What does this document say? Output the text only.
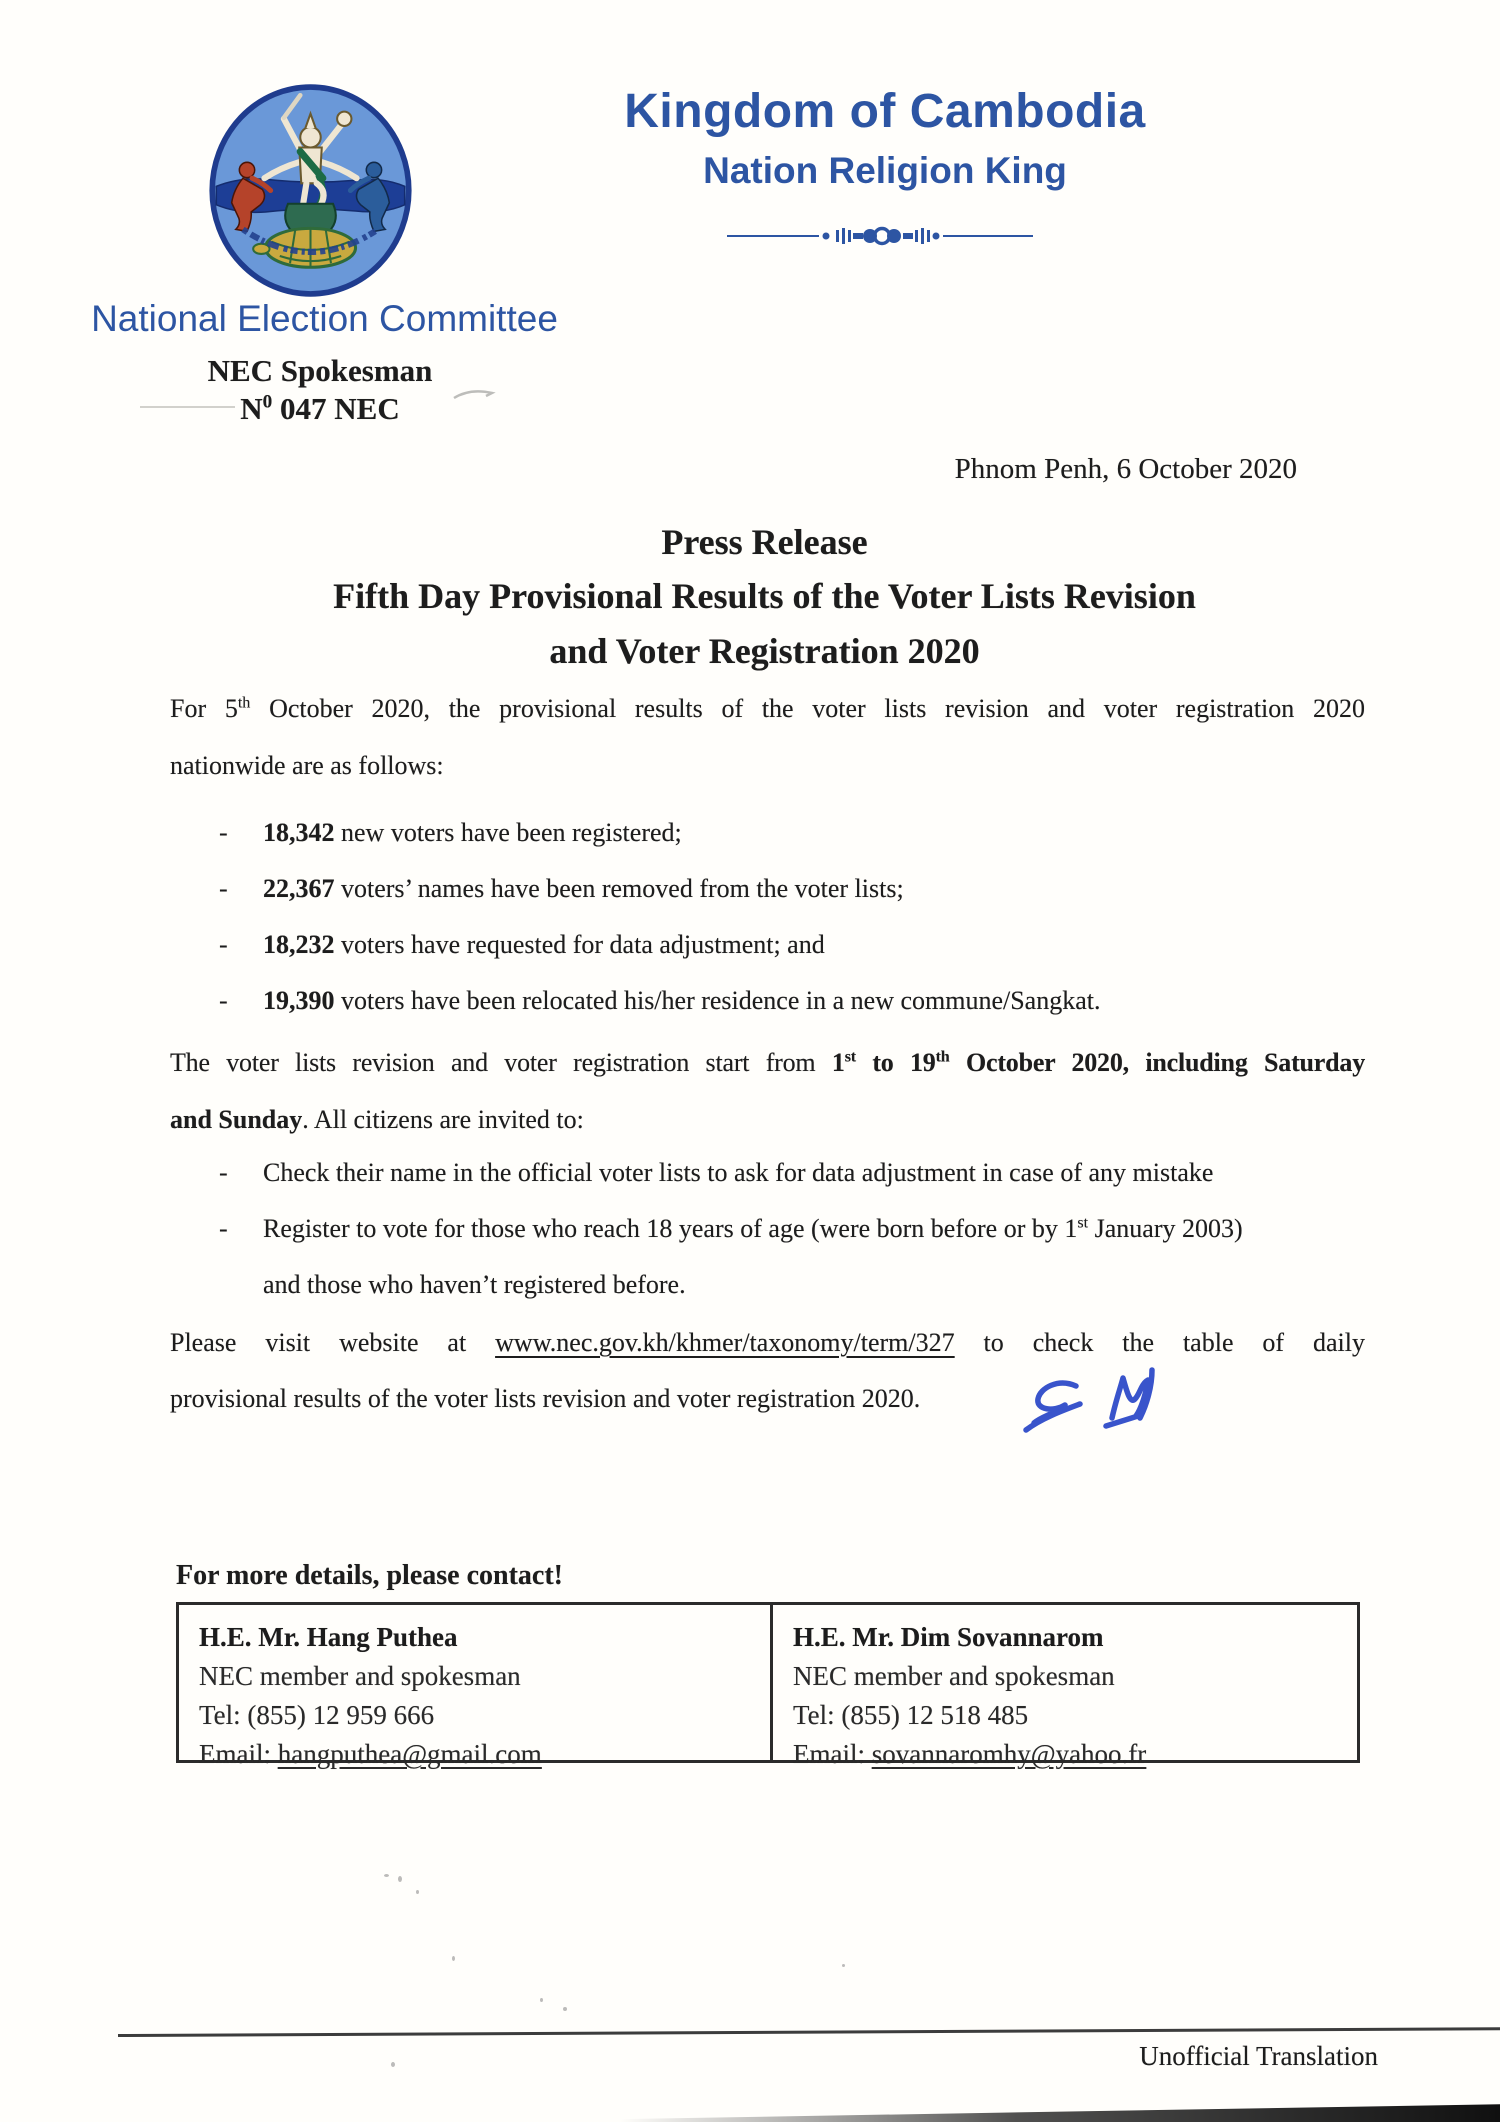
Kingdom of Cambodia
Nation Religion King
National Election Committee
NEC Spokesman
$N^0$ 047 NEC
Phnom Penh, 6 October 2020
Press Release
Fifth Day Provisional Results of the Voter Lists Revision
and Voter Registration 2020
For 5th October 2020, the provisional results of the voter lists revision and voter registration 2020
nationwide are as follows:
- 18,342 new voters have been registered;
- 22,367 voters’ names have been removed from the voter lists;
- 18,232 voters have requested for data adjustment; and
- 19,390 voters have been relocated his/her residence in a new commune/Sangkat.
The voter lists revision and voter registration start from 1st to 19th October 2020, including Saturday
and Sunday. All citizens are invited to:
- Check their name in the official voter lists to ask for data adjustment in case of any mistake
- Register to vote for those who reach 18 years of age (were born before or by 1st January 2003)
and those who haven’t registered before.
Please visit website at www.nec.gov.kh/khmer/taxonomy/term/327 to check the table of daily
provisional results of the voter lists revision and voter registration 2020.
For more details, please contact!
H.E. Mr. Hang Puthea
NEC member and spokesman
Tel: (855) 12 959 666
Email: hangputhea@gmail.com
H.E. Mr. Dim Sovannarom
NEC member and spokesman
Tel: (855) 12 518 485
Email: sovannaromhy@yahoo.fr
Unofficial Translation
